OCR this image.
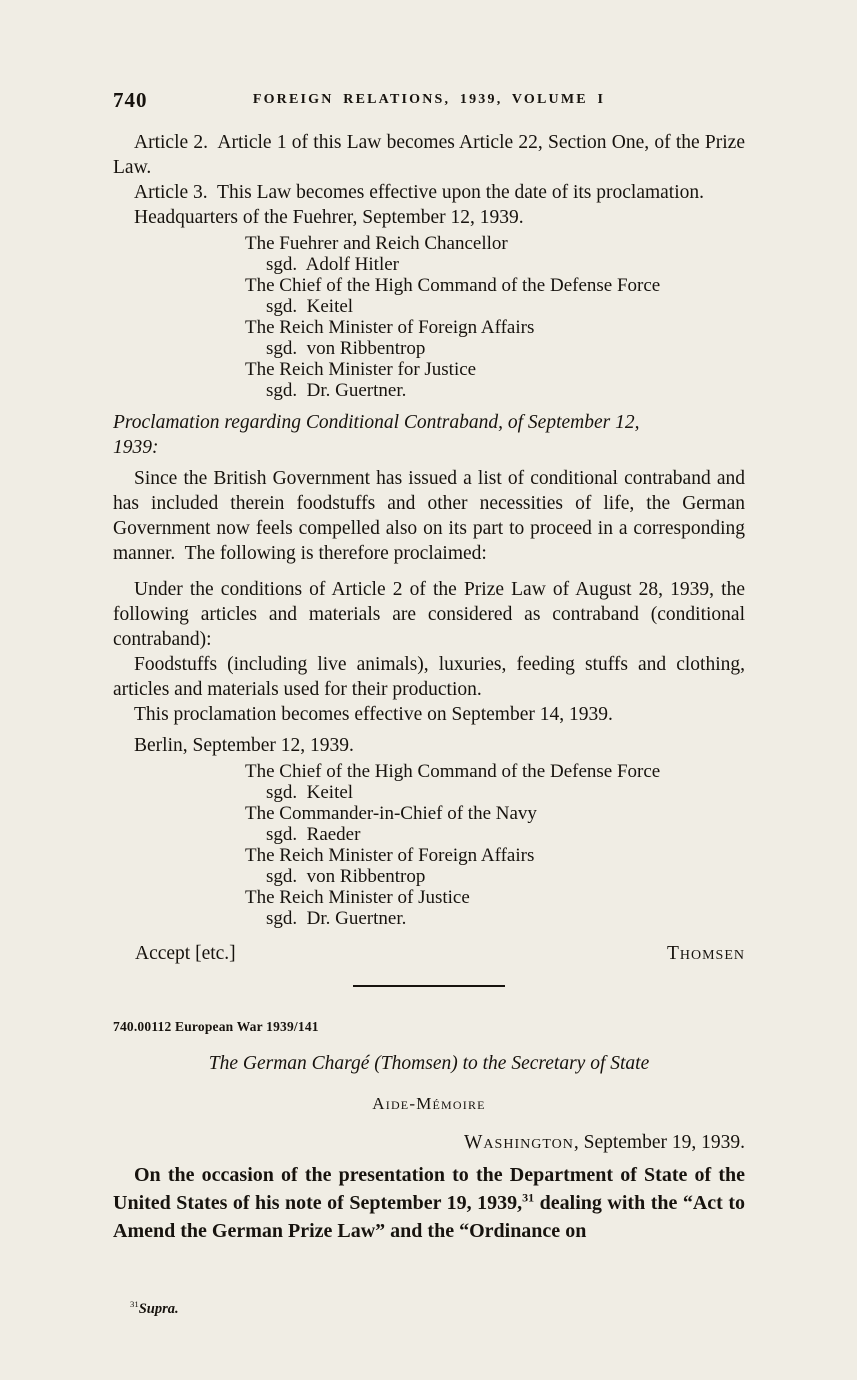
740	FOREIGN RELATIONS, 1939, VOLUME I

Article 2.  Article 1 of this Law becomes Article 22, Section One, of the Prize Law.

Article 3.  This Law becomes effective upon the date of its proclamation.

Headquarters of the Fuehrer, September 12, 1939.

The Fuehrer and Reich Chancellor
sgd.  Adolf Hitler
The Chief of the High Command of the Defense Force
sgd.  Keitel
The Reich Minister of Foreign Affairs
sgd.  von Ribbentrop
The Reich Minister for Justice
sgd.  Dr. Guertner.

Proclamation regarding Conditional Contraband, of September 12, 1939:

Since the British Government has issued a list of conditional contraband and has included therein foodstuffs and other necessities of life, the German Government now feels compelled also on its part to proceed in a corresponding manner.  The following is therefore proclaimed:

Under the conditions of Article 2 of the Prize Law of August 28, 1939, the following articles and materials are considered as contraband (conditional contraband):

Foodstuffs (including live animals), luxuries, feeding stuffs and clothing, articles and materials used for their production.

This proclamation becomes effective on September 14, 1939.

Berlin, September 12, 1939.

The Chief of the High Command of the Defense Force
sgd.  Keitel
The Commander-in-Chief of the Navy
sgd.  Raeder
The Reich Minister of Foreign Affairs
sgd.  von Ribbentrop
The Reich Minister of Justice
sgd.  Dr. Guertner.
Accept [etc.]	Thomsen

740.00112 European War 1939/141

The German Chargé (Thomsen) to the Secretary of State

Aide-Mémoire

Washington, September 19, 1939.

On the occasion of the presentation to the Department of State of the United States of his note of September 19, 1939,31 dealing with the “Act to Amend the German Prize Law” and the “Ordinance on

$^{31}$Supra.
